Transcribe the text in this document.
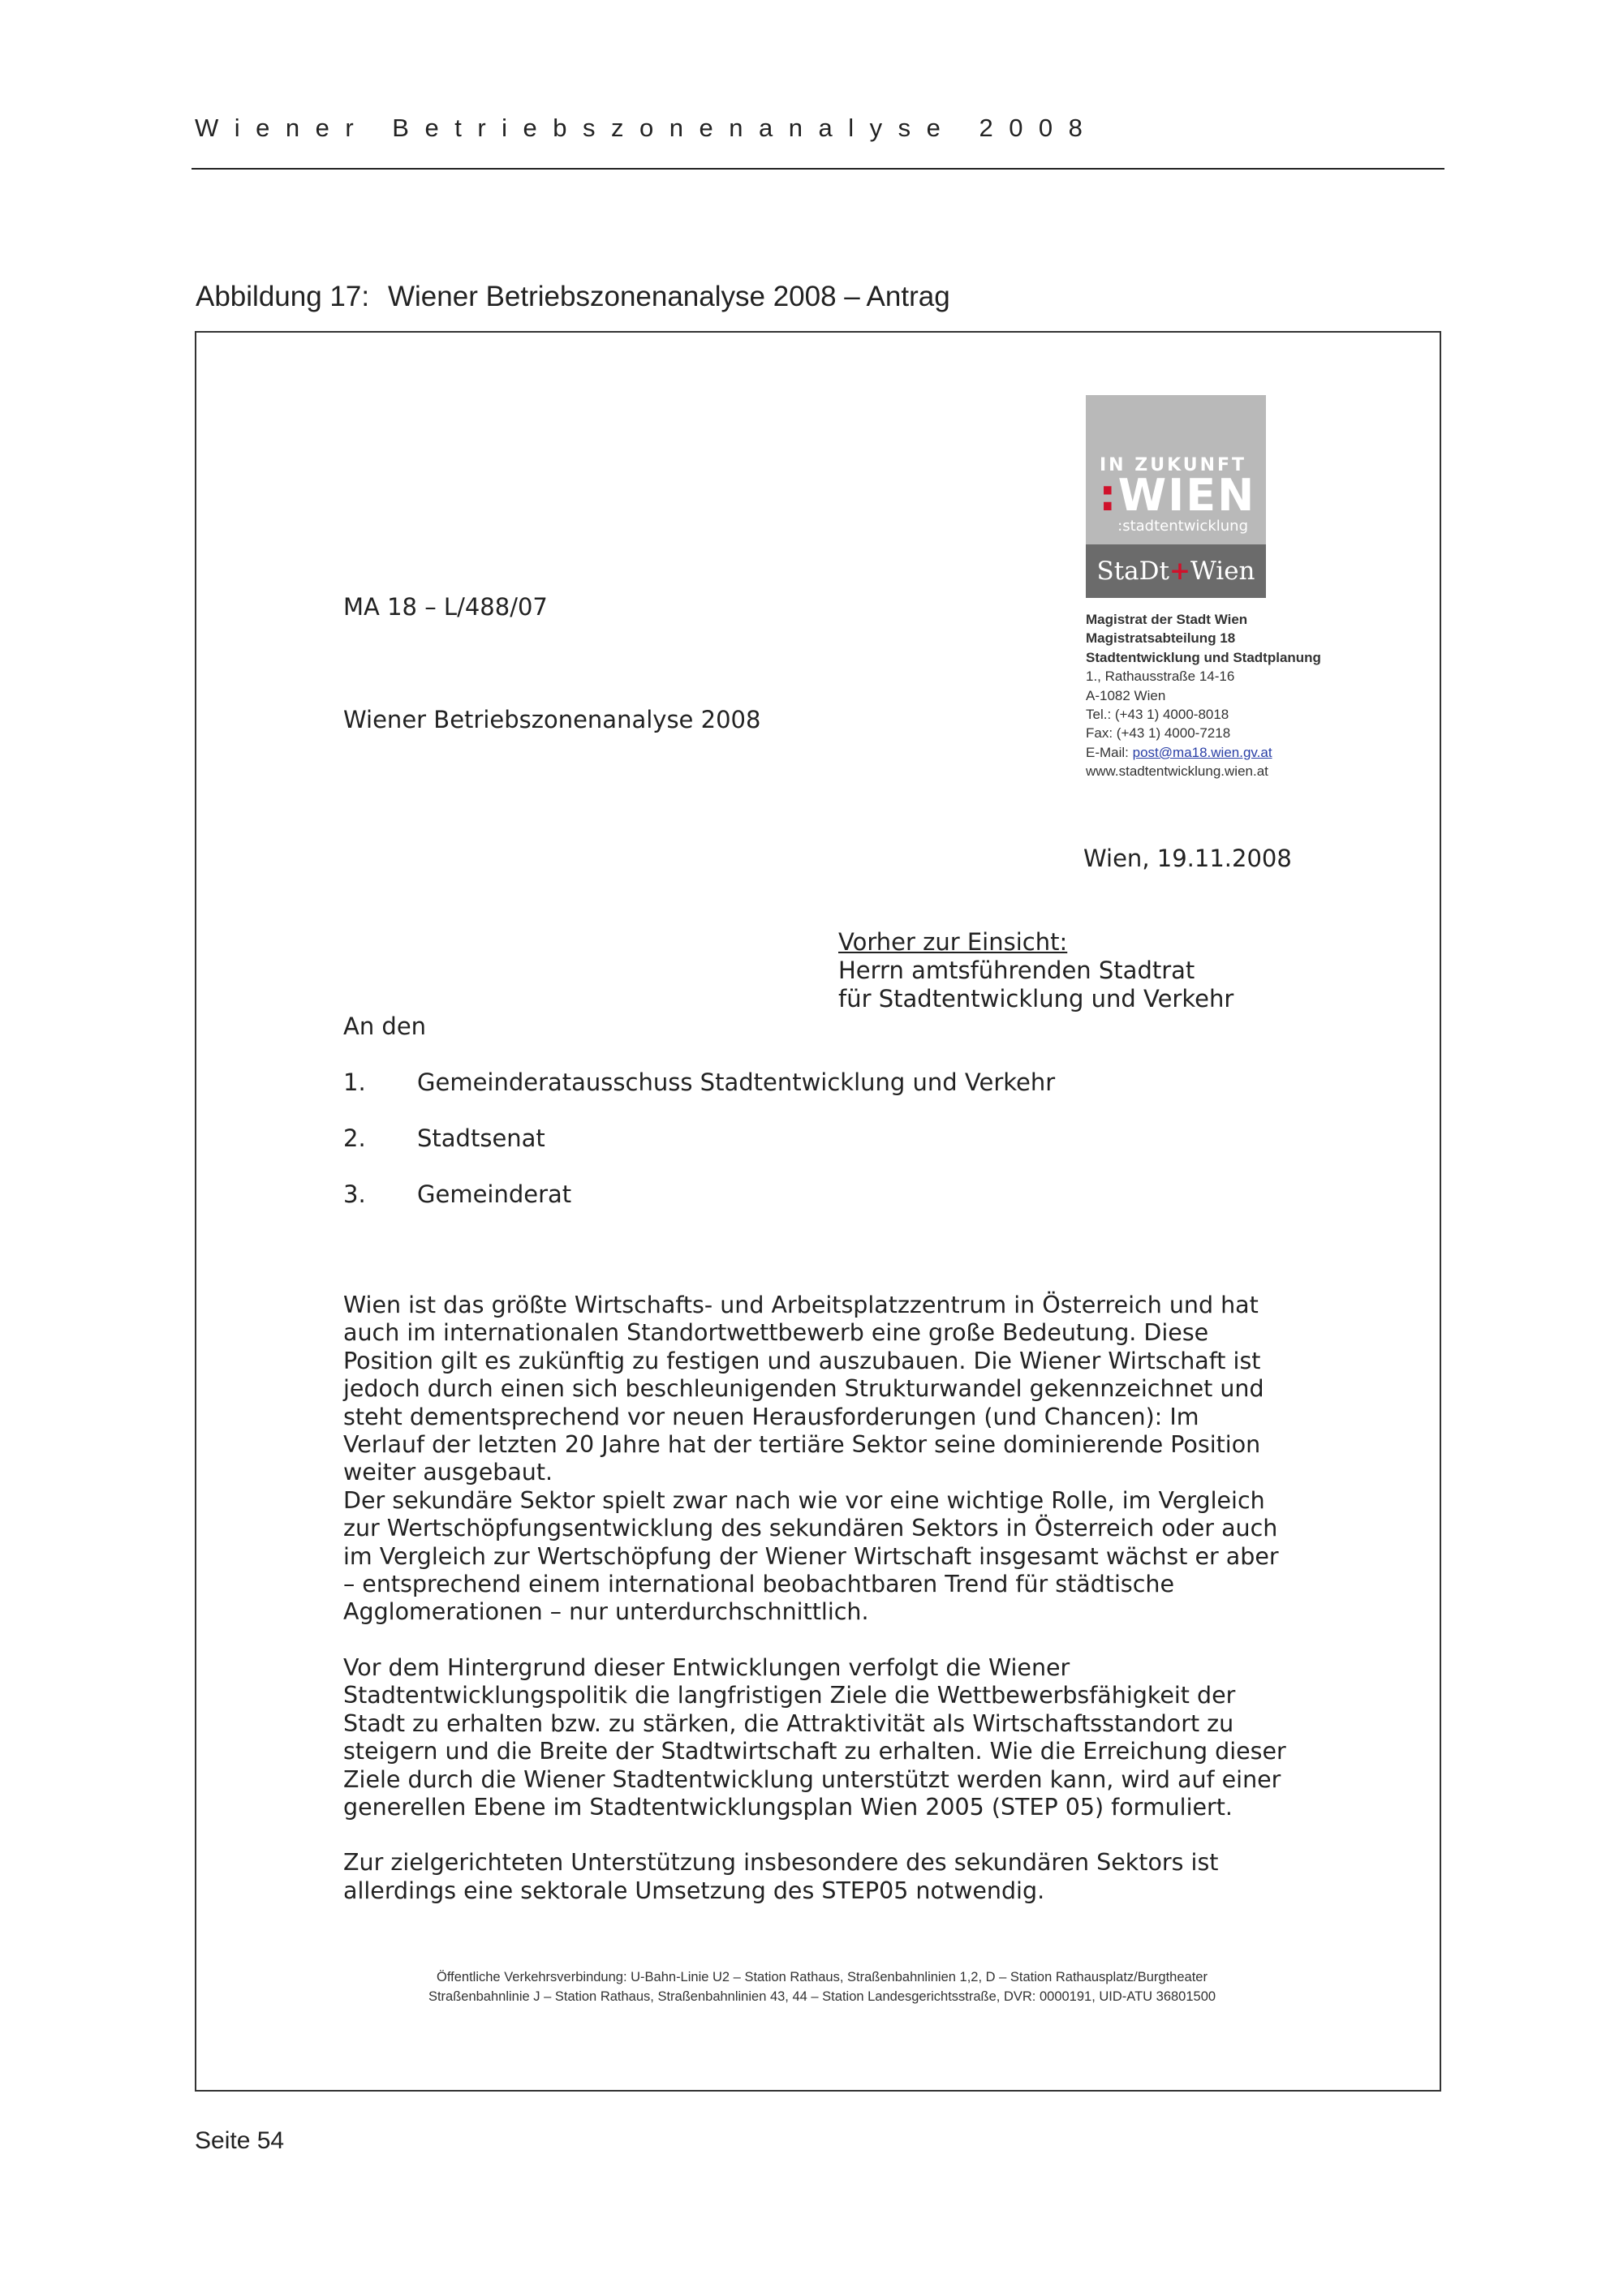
Wiener Betriebszonenanalyse 2008
Abbildung 17: Wiener Betriebszonenanalyse 2008 – Antrag
IN ZUKUNFT
:WIEN
:stadtentwicklung
StaDt+Wien
Magistrat der Stadt Wien
Magistratsabteilung 18
Stadtentwicklung und Stadtplanung
1., Rathausstraße 14-16
A-1082 Wien
Tel.: (+43 1) 4000-8018
Fax: (+43 1) 4000-7218
E-Mail: post@ma18.wien.gv.at
www.stadtentwicklung.wien.at
MA 18 – L/488/07
Wiener Betriebszonenanalyse 2008
Wien, 19.11.2008
Vorher zur Einsicht:
Herrn amtsführenden Stadtrat
für Stadtentwicklung und Verkehr
An den
1. Gemeinderatausschuss Stadtentwicklung und Verkehr
2. Stadtsenat
3. Gemeinderat
Wien ist das größte Wirtschafts- und Arbeitsplatzzentrum in Österreich und hat
auch im internationalen Standortwettbewerb eine große Bedeutung. Diese
Position gilt es zukünftig zu festigen und auszubauen. Die Wiener Wirtschaft ist
jedoch durch einen sich beschleunigenden Strukturwandel gekennzeichnet und
steht dementsprechend vor neuen Herausforderungen (und Chancen): Im
Verlauf der letzten 20 Jahre hat der tertiäre Sektor seine dominierende Position
weiter ausgebaut.
Der sekundäre Sektor spielt zwar nach wie vor eine wichtige Rolle, im Vergleich
zur Wertschöpfungsentwicklung des sekundären Sektors in Österreich oder auch
im Vergleich zur Wertschöpfung der Wiener Wirtschaft insgesamt wächst er aber
– entsprechend einem international beobachtbaren Trend für städtische
Agglomerationen – nur unterdurchschnittlich.
Vor dem Hintergrund dieser Entwicklungen verfolgt die Wiener
Stadtentwicklungspolitik die langfristigen Ziele die Wettbewerbsfähigkeit der
Stadt zu erhalten bzw. zu stärken, die Attraktivität als Wirtschaftsstandort zu
steigern und die Breite der Stadtwirtschaft zu erhalten. Wie die Erreichung dieser
Ziele durch die Wiener Stadtentwicklung unterstützt werden kann, wird auf einer
generellen Ebene im Stadtentwicklungsplan Wien 2005 (STEP 05) formuliert.
Zur zielgerichteten Unterstützung insbesondere des sekundären Sektors ist
allerdings eine sektorale Umsetzung des STEP05 notwendig.
Öffentliche Verkehrsverbindung: U-Bahn-Linie U2 – Station Rathaus, Straßenbahnlinien 1,2, D – Station Rathausplatz/Burgtheater
Straßenbahnlinie J – Station Rathaus, Straßenbahnlinien 43, 44 – Station Landesgerichtsstraße, DVR: 0000191, UID-ATU 36801500
Seite 54
